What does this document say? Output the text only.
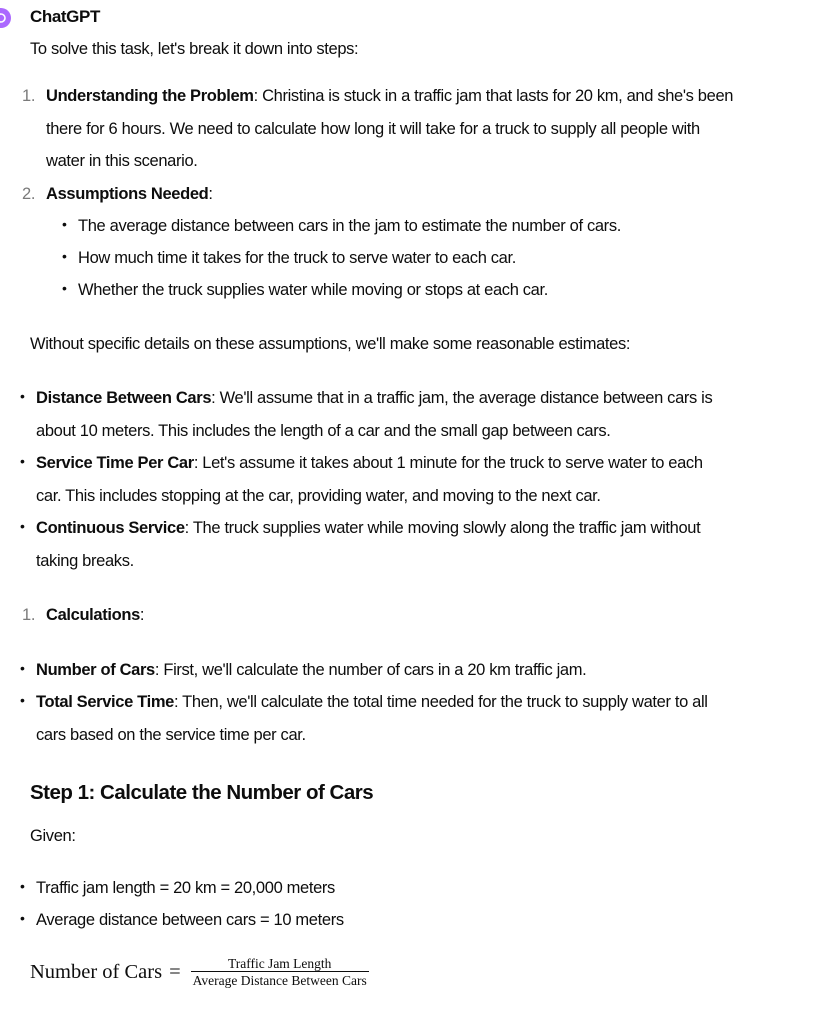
ChatGPT

To solve this task, let's break it down into steps:

1. Understanding the Problem: Christina is stuck in a traffic jam that lasts for 20 km, and she's been
there for 6 hours. We need to calculate how long it will take for a truck to supply all people with
water in this scenario.
2. Assumptions Needed:
• The average distance between cars in the jam to estimate the number of cars.
• How much time it takes for the truck to serve water to each car.
• Whether the truck supplies water while moving or stops at each car.

Without specific details on these assumptions, we'll make some reasonable estimates:

• Distance Between Cars: We'll assume that in a traffic jam, the average distance between cars is
about 10 meters. This includes the length of a car and the small gap between cars.
• Service Time Per Car: Let's assume it takes about 1 minute for the truck to serve water to each
car. This includes stopping at the car, providing water, and moving to the next car.
• Continuous Service: The truck supplies water while moving slowly along the traffic jam without
taking breaks.
1. Calculations:
• Number of Cars: First, we'll calculate the number of cars in a 20 km traffic jam.
• Total Service Time: Then, we'll calculate the total time needed for the truck to supply water to all
cars based on the service time per car.
Step 1: Calculate the Number of Cars

Given:

• Traffic jam length = 20 km = 20,000 meters
• Average distance between cars = 10 meters
Number of Cars = $\frac{\text{Traffic Jam Length}}{\text{Average Distance Between Cars}}$
